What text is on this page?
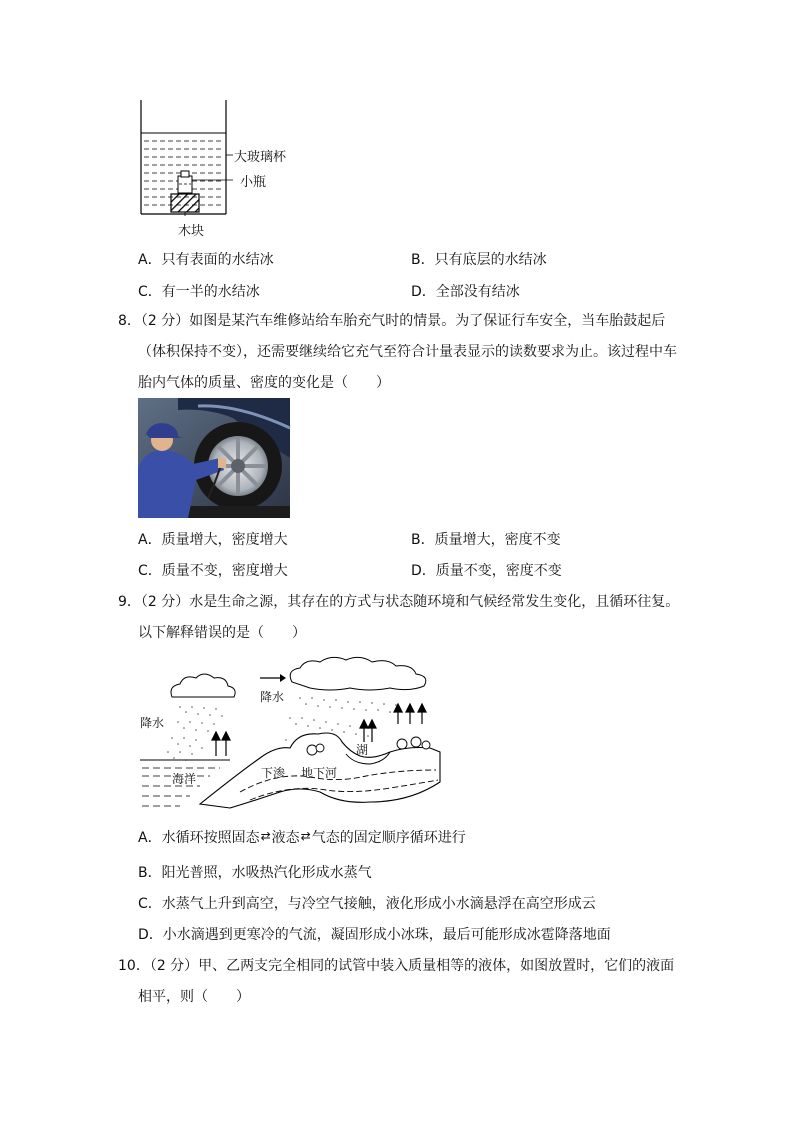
大玻璃杯
小瓶
木块
A．只有表面的水结冰	B．只有底层的水结冰
C．有一半的水结冰	D．全部没有结冰
8．（2 分）如图是某汽车维修站给车胎充气时的情景。为了保证行车安全，当车胎鼓起后
（体积保持不变），还需要继续给它充气至符合计量表显示的读数要求为止。该过程中车
胎内气体的质量、密度的变化是（　　）
A．质量增大，密度增大	B．质量增大，密度不变
C．质量不变，密度增大	D．质量不变，密度不变
9．（2 分）水是生命之源，其存在的方式与状态随环境和气候经常发生变化，且循环往复。
以下解释错误的是（　　）
降水
降水
海洋
湖
下渗 地下河
A．水循环按照固态⇄液态⇄气态的固定顺序循环进行
B．阳光普照，水吸热汽化形成水蒸气
C．水蒸气上升到高空，与冷空气接触，液化形成小水滴悬浮在高空形成云
D．小水滴遇到更寒冷的气流，凝固形成小冰珠，最后可能形成冰雹降落地面
10．（2 分）甲、乙两支完全相同的试管中装入质量相等的液体，如图放置时，它们的液面
相平，则（　　）
